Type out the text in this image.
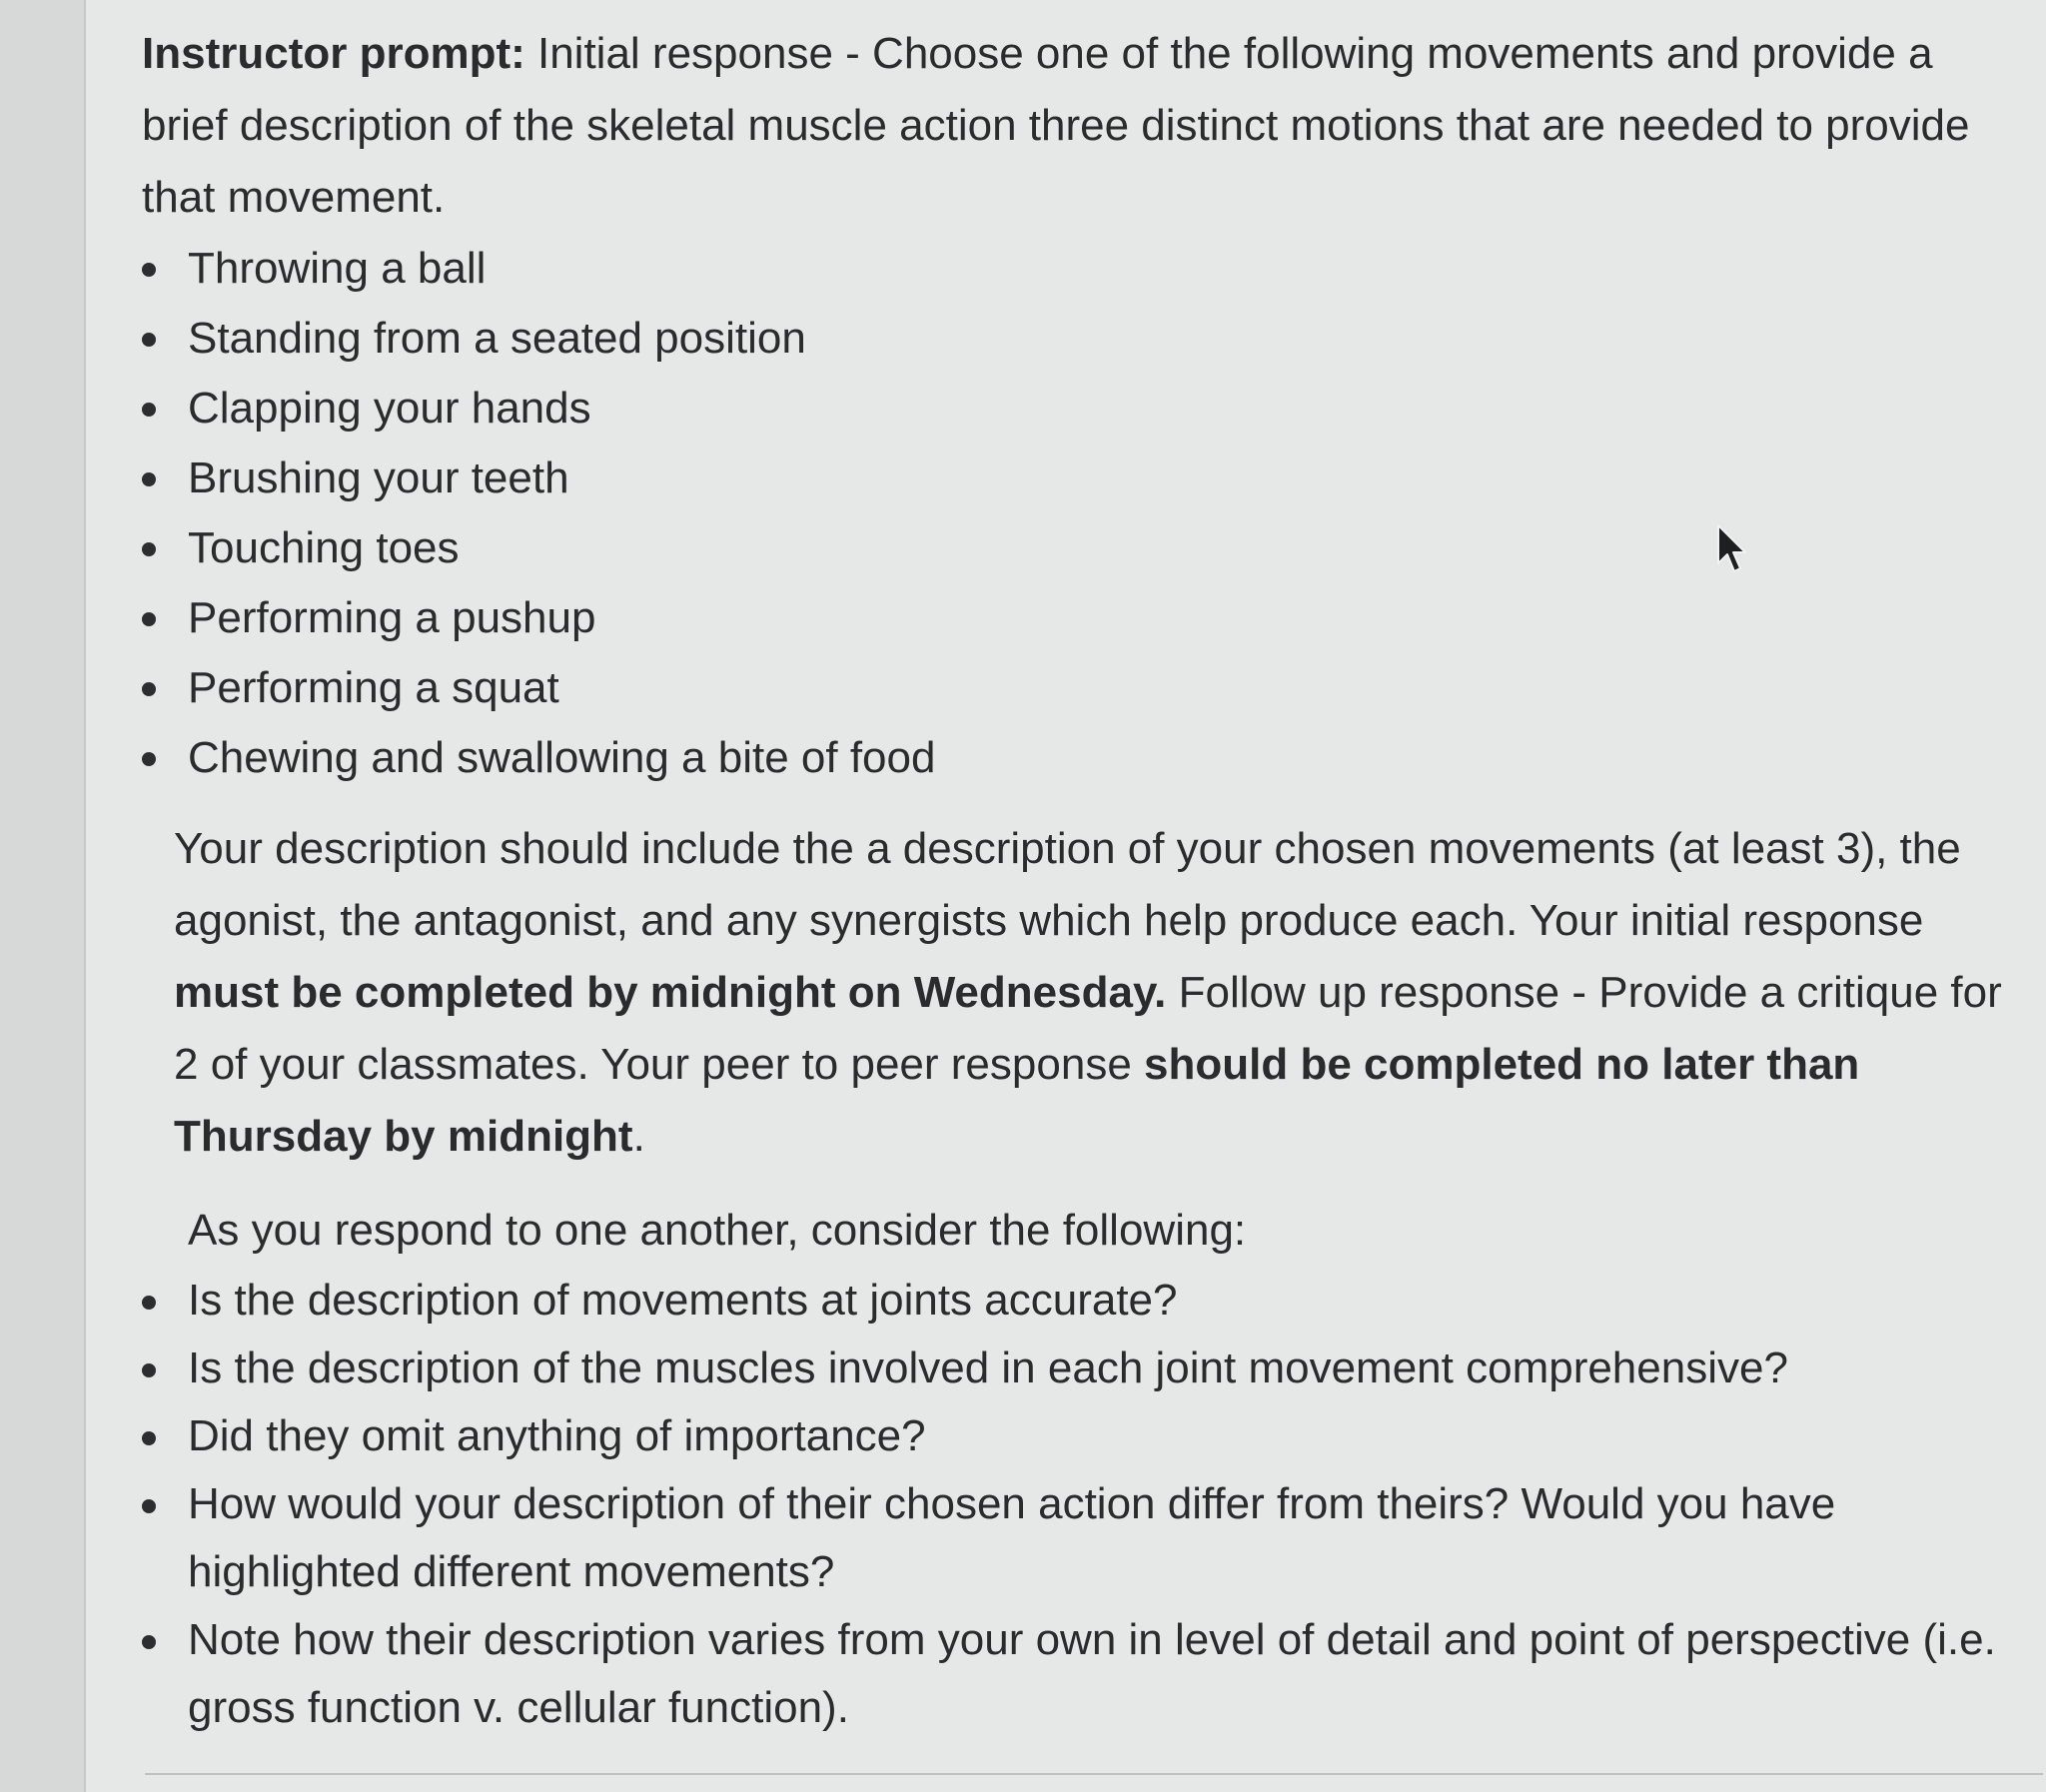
Instructor prompt: Initial response - Choose one of the following movements and provide a brief description of the skeletal muscle action three distinct motions that are needed to provide that movement.

Throwing a ball
Standing from a seated position
Clapping your hands
Brushing your teeth
Touching toes
Performing a pushup
Performing a squat
Chewing and swallowing a bite of food

Your description should include the a description of your chosen movements (at least 3), the agonist, the antagonist, and any synergists which help produce each. Your initial response must be completed by midnight on Wednesday. Follow up response - Provide a critique for 2 of your classmates. Your peer to peer response should be completed no later than Thursday by midnight.

As you respond to one another, consider the following:

Is the description of movements at joints accurate?
Is the description of the muscles involved in each joint movement comprehensive?
Did they omit anything of importance?
How would your description of their chosen action differ from theirs? Would you have highlighted different movements?
Note how their description varies from your own in level of detail and point of perspective (i.e. gross function v. cellular function).
